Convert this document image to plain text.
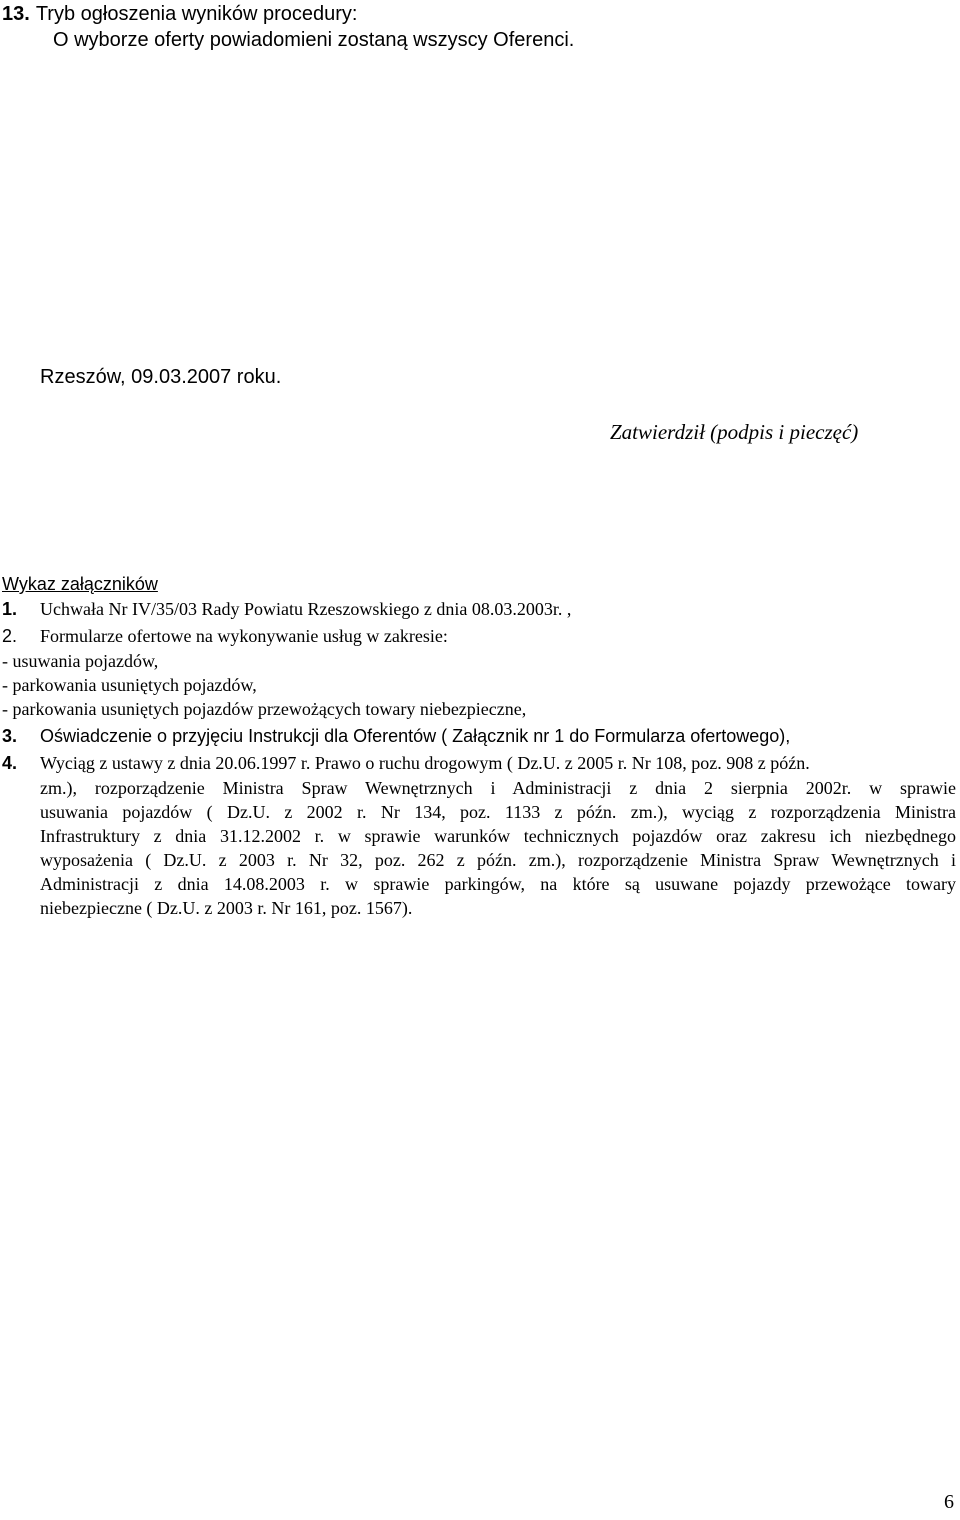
13. Tryb ogłoszenia wyników procedury:
O wyborze oferty powiadomieni zostaną wszyscy Oferenci.
Rzeszów, 09.03.2007 roku.
Zatwierdził (podpis i pieczęć)
Wykaz załączników
1. Uchwała Nr IV/35/03 Rady Powiatu Rzeszowskiego z dnia 08.03.2003r. ,
2. Formularze ofertowe na wykonywanie usług w zakresie:
- usuwania pojazdów,
- parkowania usuniętych pojazdów,
- parkowania usuniętych pojazdów przewożących towary niebezpieczne,
3. Oświadczenie o przyjęciu Instrukcji dla Oferentów ( Załącznik nr 1 do Formularza ofertowego),
4. Wyciąg z ustawy z dnia 20.06.1997 r. Prawo o ruchu drogowym ( Dz.U. z 2005 r. Nr 108, poz. 908 z późn.
zm.), rozporządzenie Ministra Spraw Wewnętrznych i Administracji z dnia 2 sierpnia 2002r. w sprawie
usuwania pojazdów ( Dz.U. z 2002 r. Nr 134, poz. 1133 z późn. zm.), wyciąg z rozporządzenia Ministra
Infrastruktury z dnia 31.12.2002 r. w sprawie warunków technicznych pojazdów oraz zakresu ich niezbędnego
wyposażenia ( Dz.U. z 2003 r. Nr 32, poz. 262 z późn. zm.), rozporządzenie Ministra Spraw Wewnętrznych i
Administracji z dnia 14.08.2003 r. w sprawie parkingów, na które są usuwane pojazdy przewożące towary
niebezpieczne ( Dz.U. z 2003 r. Nr 161, poz. 1567).
6
